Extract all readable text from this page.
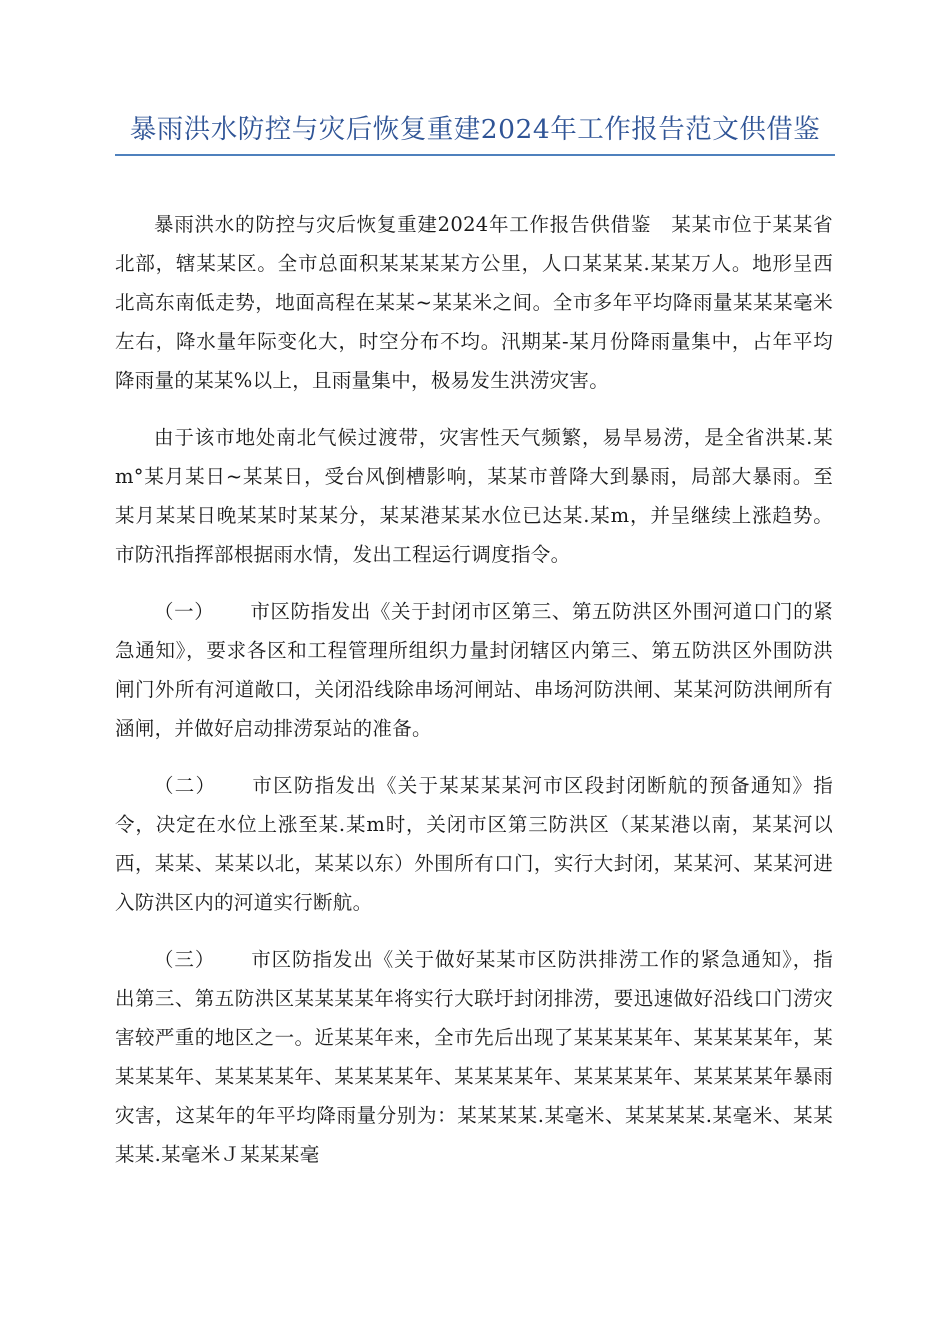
暴雨洪水防控与灾后恢复重建2024年工作报告范文供借鉴

暴雨洪水的防控与灾后恢复重建2024年工作报告供借鉴　某某市位于某某省北部，辖某某区。全市总面积某某某某方公里，人口某某某.某某万人。地形呈西北高东南低走势，地面高程在某某~某某米之间。全市多年平均降雨量某某某毫米左右，降水量年际变化大，时空分布不均。汛期某-某月份降雨量集中，占年平均降雨量的某某%以上，且雨量集中，极易发生洪涝灾害。

由于该市地处南北气候过渡带，灾害性天气频繁，易旱易涝，是全省洪某.某m°某月某日~某某日，受台风倒槽影响，某某市普降大到暴雨，局部大暴雨。至某月某某日晚某某时某某分，某某港某某水位已达某.某m，并呈继续上涨趋势。市防汛指挥部根据雨水情，发出工程运行调度指令。

（一） 市区防指发出《关于封闭市区第三、第五防洪区外围河道口门的紧急通知》，要求各区和工程管理所组织力量封闭辖区内第三、第五防洪区外围防洪闸门外所有河道敞口，关闭沿线除串场河闸站、串场河防洪闸、某某河防洪闸所有涵闸，并做好启动排涝泵站的准备。

（二） 市区防指发出《关于某某某某河市区段封闭断航的预备通知》指令，决定在水位上涨至某.某m时，关闭市区第三防洪区（某某港以南，某某河以西，某某、某某以北，某某以东）外围所有口门，实行大封闭，某某河、某某河进入防洪区内的河道实行断航。

（三） 市区防指发出《关于做好某某市区防洪排涝工作的紧急通知》，指出第三、第五防洪区某某某某年将实行大联圩封闭排涝，要迅速做好沿线口门涝灾害较严重的地区之一。近某某年来，全市先后出现了某某某某年、某某某某年，某某某某年、某某某某年、某某某某年、某某某某年、某某某某年、某某某某年暴雨灾害，这某年的年平均降雨量分别为：某某某某.某毫米、某某某某.某毫米、某某某某.某毫米Ｊ某某某毫
